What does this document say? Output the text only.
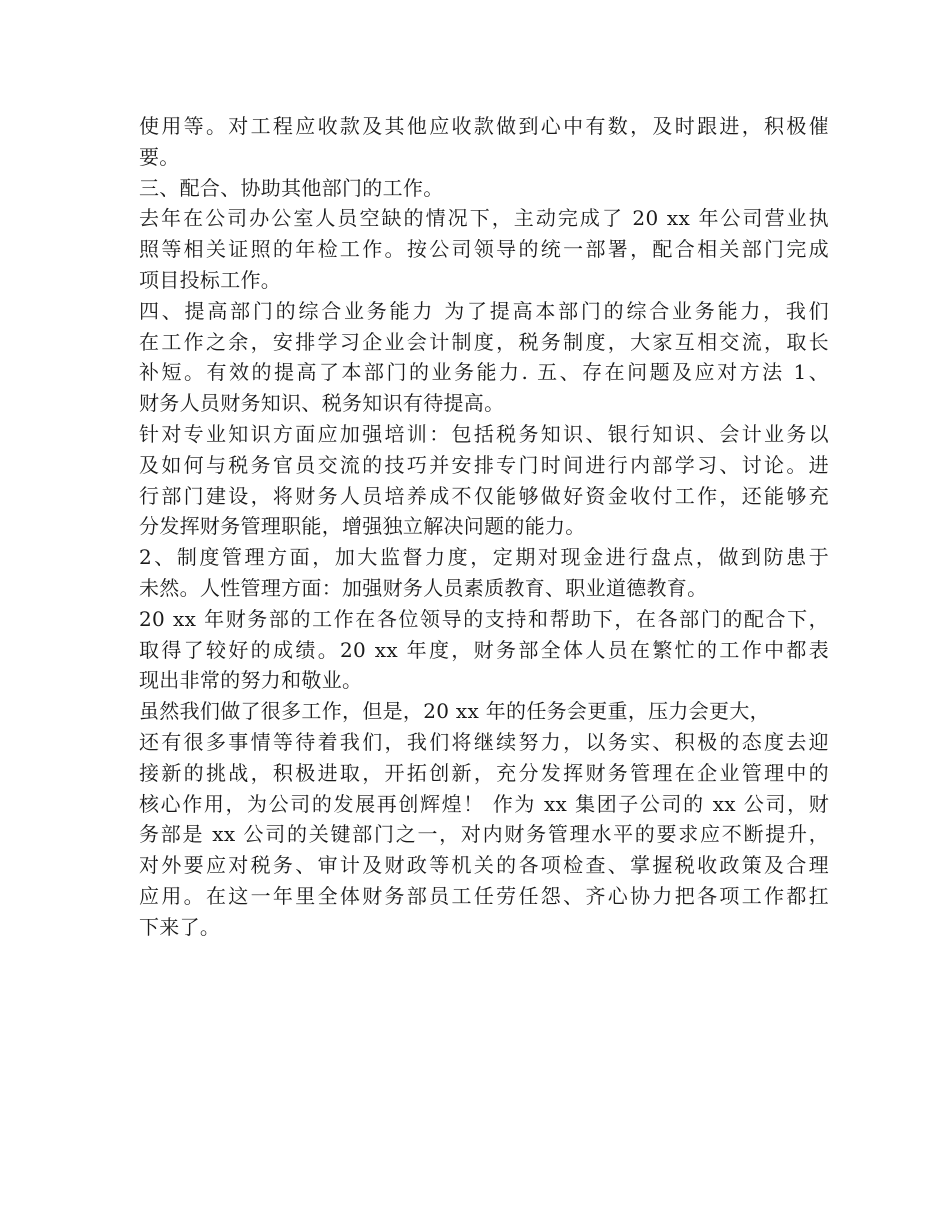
使用等。对工程应收款及其他应收款做到心中有数，及时跟进，积极催
要。
三、配合、协助其他部门的工作。
去年在公司办公室人员空缺的情况下，主动完成了 20 xx 年公司营业执
照等相关证照的年检工作。按公司领导的统一部署，配合相关部门完成
项目投标工作。
四、提高部门的综合业务能力 为了提高本部门的综合业务能力，我们
在工作之余，安排学习企业会计制度，税务制度，大家互相交流，取长
补短。有效的提高了本部门的业务能力. 五、存在问题及应对方法 1、
财务人员财务知识、税务知识有待提高。
针对专业知识方面应加强培训：包括税务知识、银行知识、会计业务以
及如何与税务官员交流的技巧并安排专门时间进行内部学习、讨论。进
行部门建设，将财务人员培养成不仅能够做好资金收付工作，还能够充
分发挥财务管理职能，增强独立解决问题的能力。
2、制度管理方面，加大监督力度，定期对现金进行盘点，做到防患于
未然。人性管理方面：加强财务人员素质教育、职业道德教育。
20 xx 年财务部的工作在各位领导的支持和帮助下，在各部门的配合下，
取得了较好的成绩。20 xx 年度，财务部全体人员在繁忙的工作中都表
现出非常的努力和敬业。
虽然我们做了很多工作，但是，20 xx 年的任务会更重，压力会更大，
还有很多事情等待着我们，我们将继续努力，以务实、积极的态度去迎
接新的挑战，积极进取，开拓创新，充分发挥财务管理在企业管理中的
核心作用，为公司的发展再创辉煌！ 作为 xx 集团子公司的 xx 公司，财
务部是 xx 公司的关键部门之一，对内财务管理水平的要求应不断提升，
对外要应对税务、审计及财政等机关的各项检查、掌握税收政策及合理
应用。在这一年里全体财务部员工任劳任怨、齐心协力把各项工作都扛
下来了。
